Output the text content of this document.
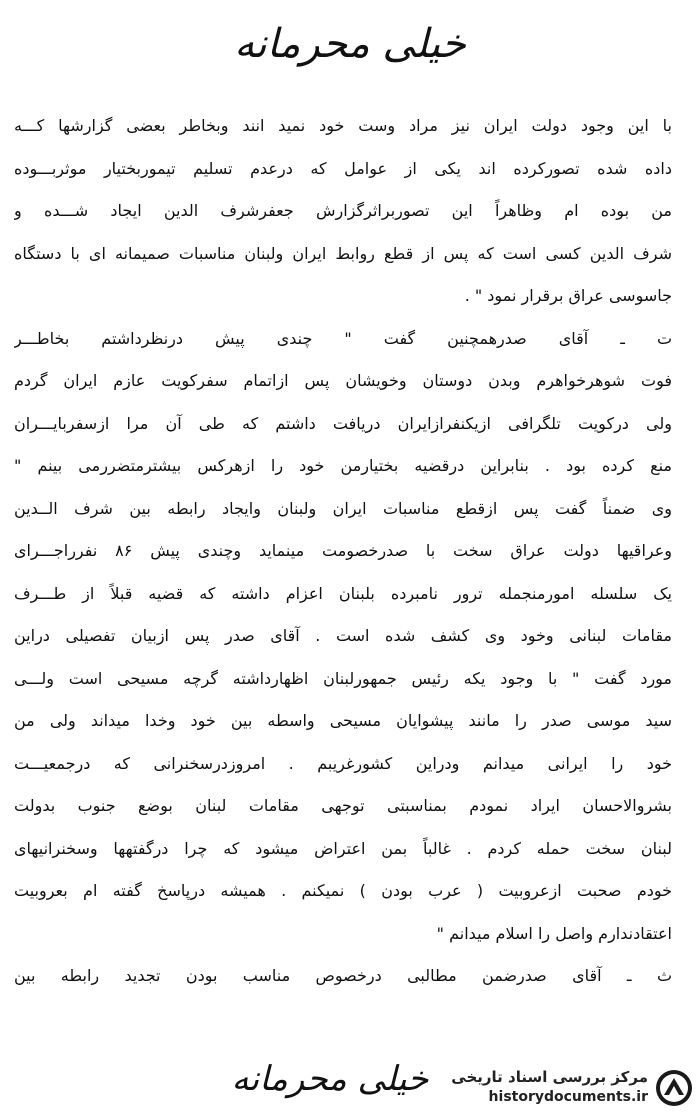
خیلی محرمانه
با این وجود دولت ایران نیز مراد وست خود نمید انند وبخاطر بعضی گزارشها کـــه
داده شده تصورکرده اند یکی از عوامل که درعدم تسلیم تیموربختیار موثربـــوده
من بوده ام وظاهراً این تصوربراثرگزارش جعفرشرف الدین ایجاد شـــده و
شرف الدین کسی است که پس از قطع روابط ایران ولبنان مناسبات صمیمانه ای با دستگاه
جاسوسی عراق برقرار نمود " .
ت ـ آقای صدرهمچنین گفت " چندی پیش درنظرداشتم بخاطـــر
فوت شوهرخواهرم وبدن دوستان وخویشان پس ازاتمام سفرکویت عازم ایران گردم
ولی درکویت تلگرافی ازیکنفرازایران دریافت داشتم که طی آن مرا ازسفربایـــران
منع کرده بود . بنابراین درقضیه بختیارمن خود را ازهرکس بیشترمتضررمی بینم "
وی ضمناً گفت پس ازقطع مناسبات ایران ولبنان وایجاد رابطه بین شرف الــدین
وعراقیها دولت عراق سخت با صدرخصومت مینماید وچندی پیش ۸۶ نفرراجـــرای
یک سلسله امورمنجمله ترور نامبرده بلبنان اعزام داشته که قضیه قبلاً از طـــرف
مقامات لبنانی وخود وی کشف شده است . آقای صدر پس ازبیان تفصیلی دراین
مورد گفت " با وجود یکه رئیس جمهورلبنان اظهارداشته گرچه مسیحی است ولـــی
سید موسی صدر را مانند پیشوایان مسیحی واسطه بین خود وخدا میداند ولی من
خود را ایرانی میدانم ودراین کشورغریبم . امروزدرسخنرانی که درجمعیـــت
بشروالاحسان ایراد نمودم بمناسبتی توجهی مقامات لبنان بوضع جنوب بدولت
لبنان سخت حمله کردم . غالباً بمن اعتراض میشود که چرا درگفتهها وسخنرانیهای
خودم صحبت ازعروبیت ( عرب بودن ) نمیکنم . همیشه درپاسخ گفته ام بعروبیت
اعتقادندارم واصل را اسلام میدانم "
ث ـ آقای صدرضمن مطالبی درخصوص مناسب بودن تجدید رابطه بین
خیلی محرمانه	مرکز بررسی اسناد تاریخی
historydocuments.ir
